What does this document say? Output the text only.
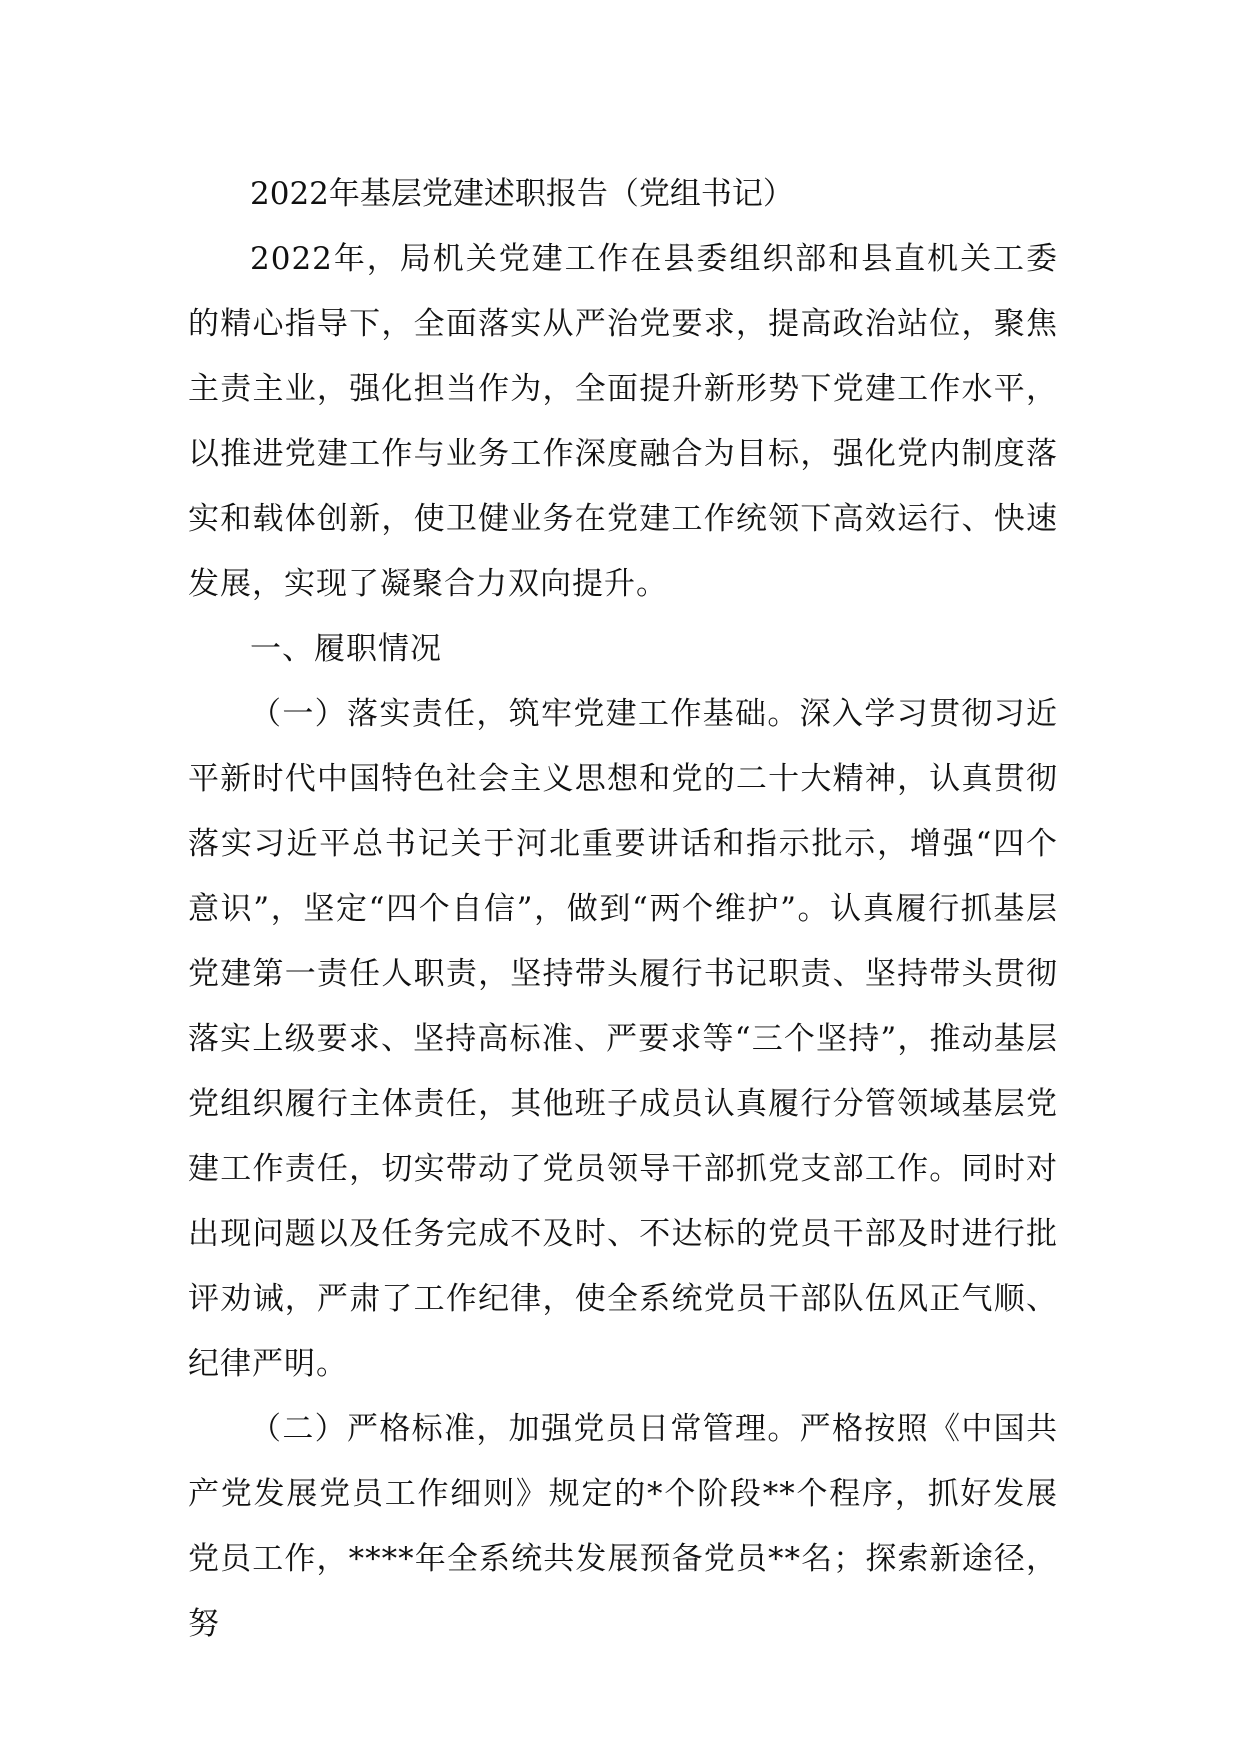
2022年基层党建述职报告（党组书记）

2022年，局机关党建工作在县委组织部和县直机关工委的精心指导下，全面落实从严治党要求，提高政治站位，聚焦主责主业，强化担当作为，全面提升新形势下党建工作水平，以推进党建工作与业务工作深度融合为目标，强化党内制度落实和载体创新，使卫健业务在党建工作统领下高效运行、快速发展，实现了凝聚合力双向提升。

一、履职情况

（一）落实责任，筑牢党建工作基础。深入学习贯彻习近平新时代中国特色社会主义思想和党的二十大精神，认真贯彻落实习近平总书记关于河北重要讲话和指示批示，增强“四个意识”，坚定“四个自信”，做到“两个维护”。认真履行抓基层党建第一责任人职责，坚持带头履行书记职责、坚持带头贯彻落实上级要求、坚持高标准、严要求等“三个坚持”，推动基层党组织履行主体责任，其他班子成员认真履行分管领域基层党建工作责任，切实带动了党员领导干部抓党支部工作。同时对出现问题以及任务完成不及时、不达标的党员干部及时进行批评劝诫，严肃了工作纪律，使全系统党员干部队伍风正气顺、纪律严明。

（二）严格标准，加强党员日常管理。严格按照《中国共产党发展党员工作细则》规定的*个阶段**个程序，抓好发展党员工作，****年全系统共发展预备党员**名；探索新途径，努
